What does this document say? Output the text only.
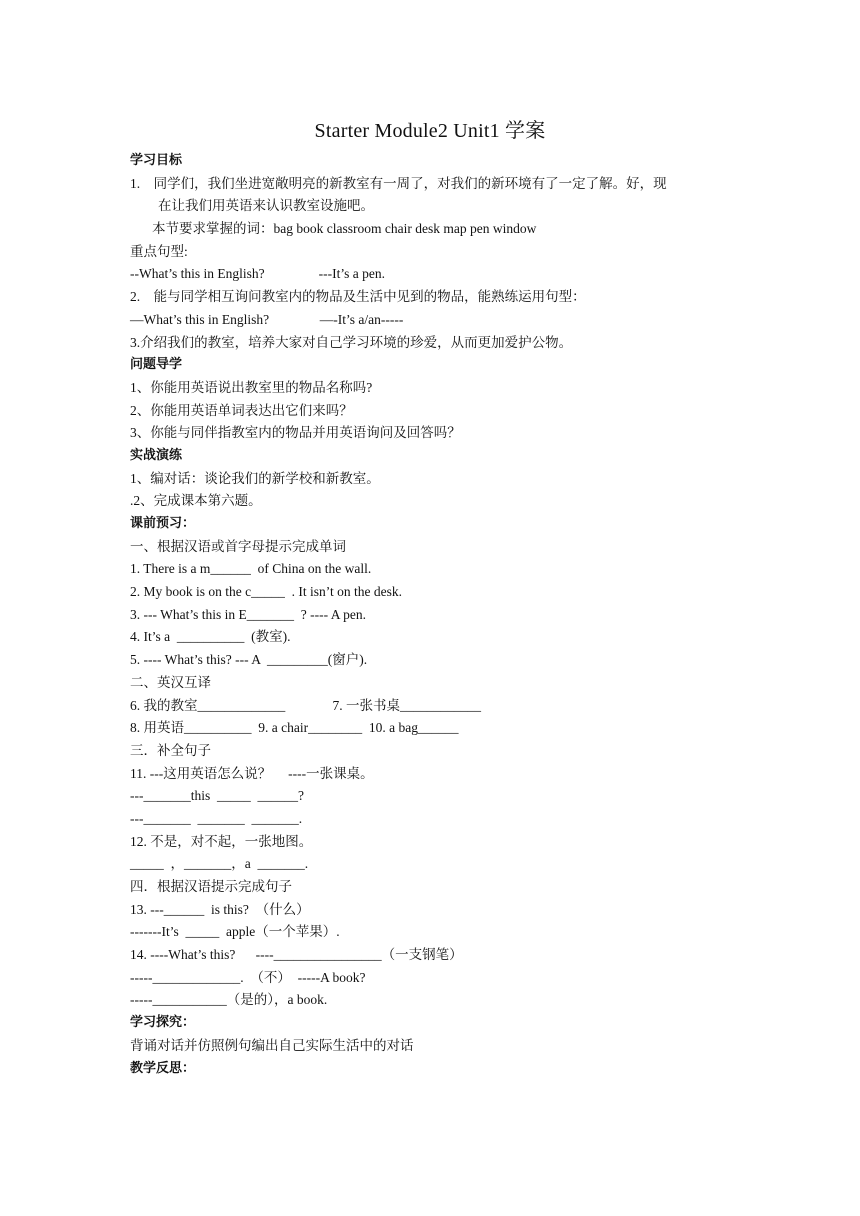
Starter Module2 Unit1 学案
学习目标
1.    同学们，我们坐进宽敞明亮的新教室有一周了，对我们的新环境有了一定了解。好，现
在让我们用英语来认识教室设施吧。
本节要求掌握的词：bag book classroom chair desk map pen window
重点句型:
--What’s this in English?                ---It’s a pen.
2.    能与同学相互询问教室内的物品及生活中见到的物品，能熟练运用句型：
—What’s this in English?               —-It’s a/an-----
3.介绍我们的教室，培养大家对自己学习环境的珍爱，从而更加爱护公物。
问题导学
1、你能用英语说出教室里的物品名称吗?
2、你能用英语单词表达出它们来吗？
3、你能与同伴指教室内的物品并用英语询问及回答吗？
实战演练
1、编对话：谈论我们的新学校和新教室。
.2、完成课本第六题。
课前预习：
一、根据汉语或首字母提示完成单词
1. There is a m______  of China on the wall.
2. My book is on the c_____  . It isn’t on the desk.
3. --- What’s this in E_______  ? ---- A pen.
4. It’s a  __________  (教室).
5. ---- What’s this? --- A  _________(窗户).
二、英汉互译
6. 我的教室_____________              7. 一张书桌____________
8. 用英语__________  9. a chair________  10. a bag______
三．补全句子
11. ---这用英语怎么说？     ----一张课桌。
---_______this  _____  ______?
---_______  _______  _______.
12. 不是，对不起，一张地图。
_____  ，_______，a  _______.
四．根据汉语提示完成句子
13. ---______  is this?  （什么）
-------It’s  _____  apple（一个苹果）.
14. ----What’s this?      ----________________（一支钢笔）
-----_____________.  （不）  -----A book?
-----___________（是的），a book.
学习探究：
背诵对话并仿照例句编出自己实际生活中的对话
教学反思：
